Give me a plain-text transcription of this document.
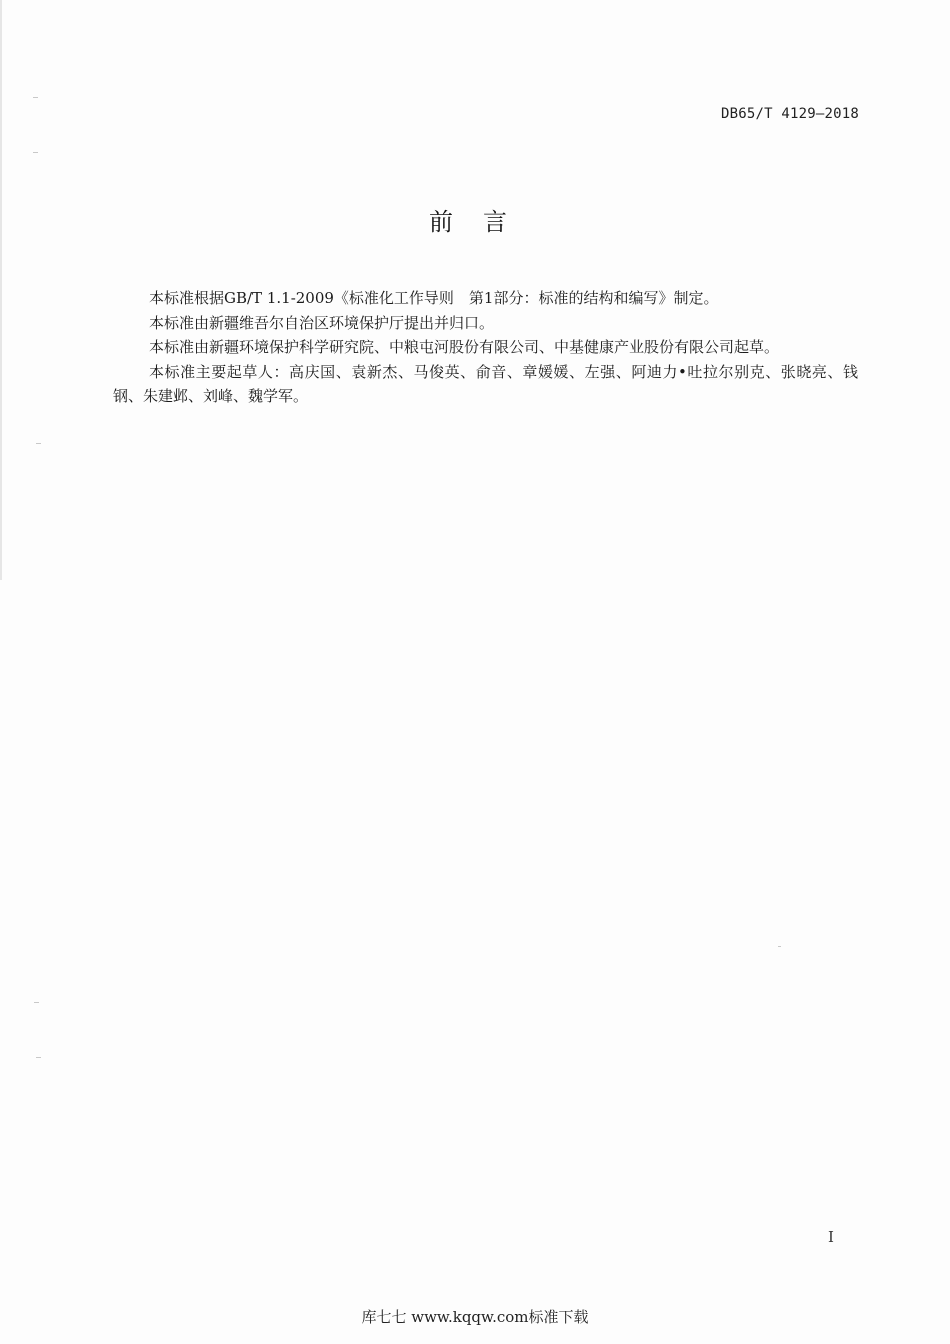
DB65/T 4129—2018
前言

本标准根据GB/T 1.1-2009《标准化工作导则　第1部分：标准的结构和编写》制定。

本标准由新疆维吾尔自治区环境保护厅提出并归口。

本标准由新疆环境保护科学研究院、中粮屯河股份有限公司、中基健康产业股份有限公司起草。

本标准主要起草人：高庆国、袁新杰、马俊英、俞音、章媛媛、左强、阿迪力•吐拉尔别克、张晓亮、钱钢、朱建邺、刘峰、魏学军。

I
库七七 www.kqqw.com标准下载
